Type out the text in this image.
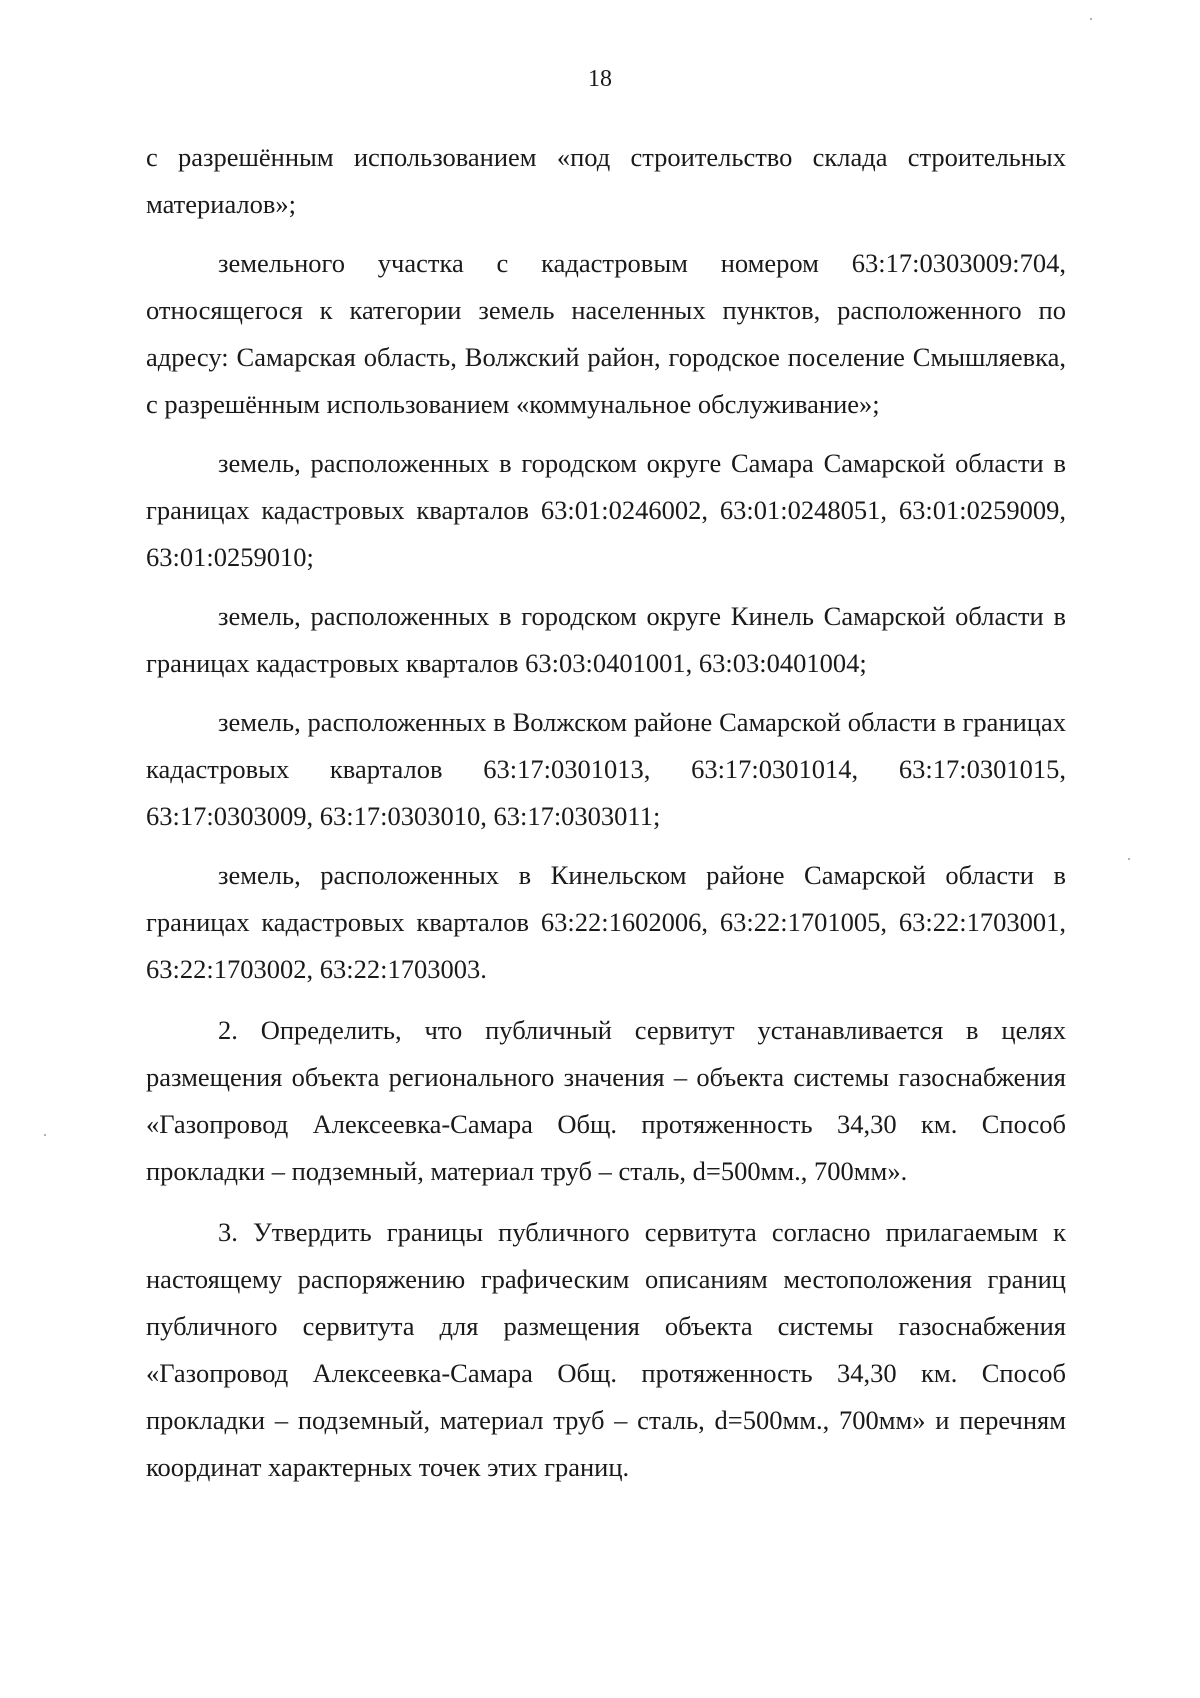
18

с разрешённым использованием «под строительство склада строительных материалов»;

земельного участка с кадастровым номером 63:17:0303009:704, относящегося к категории земель населенных пунктов, расположенного по адресу: Самарская область, Волжский район, городское поселение Смышляевка, с разрешённым использованием «коммунальное обслуживание»;

земель, расположенных в городском округе Самара Самарской области в границах кадастровых кварталов 63:01:0246002, 63:01:0248051, 63:01:0259009, 63:01:0259010;

земель, расположенных в городском округе Кинель Самарской области в границах кадастровых кварталов 63:03:0401001, 63:03:0401004;

земель, расположенных в Волжском районе Самарской области в границах кадастровых кварталов 63:17:0301013, 63:17:0301014, 63:17:0301015, 63:17:0303009, 63:17:0303010, 63:17:0303011;

земель, расположенных в Кинельском районе Самарской области в границах кадастровых кварталов 63:22:1602006, 63:22:1701005, 63:22:1703001, 63:22:1703002, 63:22:1703003.

2. Определить, что публичный сервитут устанавливается в целях размещения объекта регионального значения – объекта системы газоснабжения «Газопровод Алексеевка-Самара Общ. протяженность 34,30 км. Способ прокладки – подземный, материал труб – сталь, d=500мм., 700мм».

3. Утвердить границы публичного сервитута согласно прилагаемым к настоящему распоряжению графическим описаниям местоположения границ публичного сервитута для размещения объекта системы газоснабжения «Газопровод Алексеевка-Самара Общ. протяженность 34,30 км. Способ прокладки – подземный, материал труб – сталь, d=500мм., 700мм» и перечням координат характерных точек этих границ.
